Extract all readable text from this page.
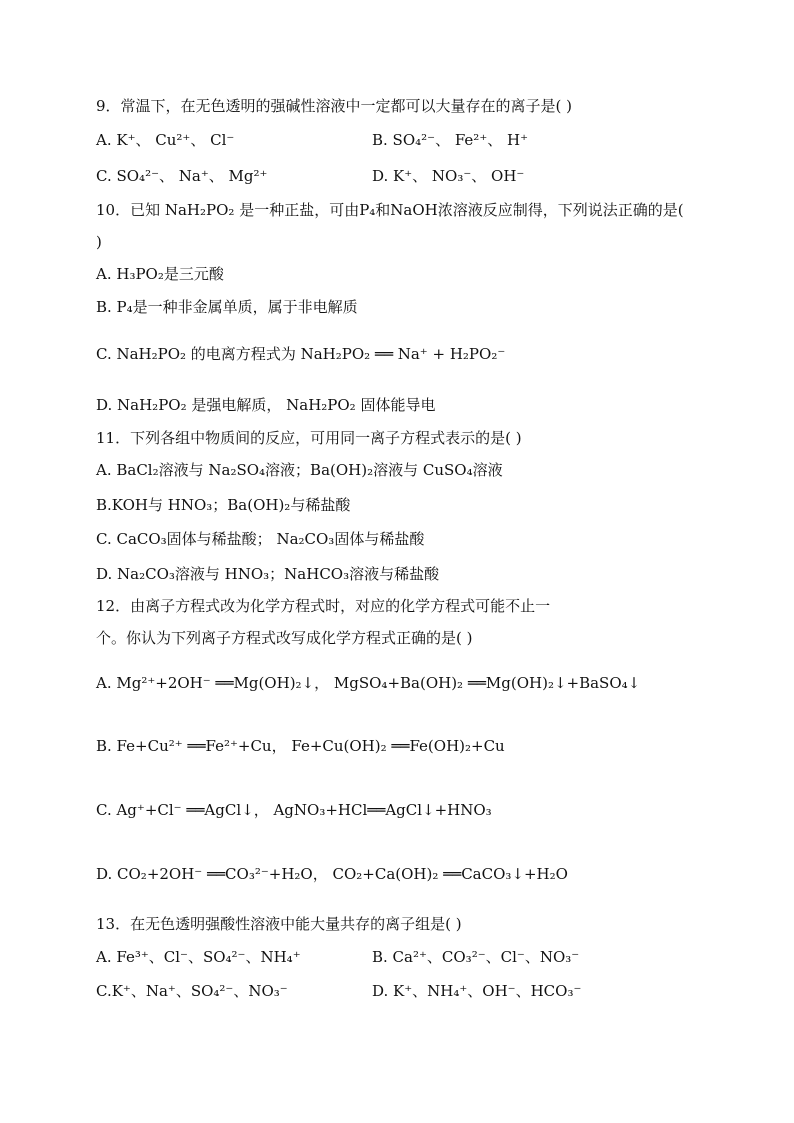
9．常温下，在无色透明的强碱性溶液中一定都可以大量存在的离子是( )
A. K⁺、 Cu²⁺、 Cl⁻	B. SO₄²⁻、 Fe²⁺、 H⁺
C. SO₄²⁻、 Na⁺、 Mg²⁺	D. K⁺、 NO₃⁻、 OH⁻
10．已知 NaH₂PO₂ 是一种正盐，可由P₄和NaOH浓溶液反应制得，下列说法正确的是(
)
A. H₃PO₂是三元酸
B. P₄是一种非金属单质，属于非电解质
C. NaH₂PO₂ 的电离方程式为 NaH₂PO₂ ══ Na⁺ + H₂PO₂⁻
D. NaH₂PO₂ 是强电解质， NaH₂PO₂ 固体能导电
11．下列各组中物质间的反应，可用同一离子方程式表示的是( )
A. BaCl₂溶液与 Na₂SO₄溶液；Ba(OH)₂溶液与 CuSO₄溶液
B.KOH与 HNO₃；Ba(OH)₂与稀盐酸
C. CaCO₃固体与稀盐酸； Na₂CO₃固体与稀盐酸
D. Na₂CO₃溶液与 HNO₃；NaHCO₃溶液与稀盐酸
12．由离子方程式改为化学方程式时，对应的化学方程式可能不止一
个。你认为下列离子方程式改写成化学方程式正确的是( )
A. Mg²⁺+2OH⁻ ══Mg(OH)₂↓， MgSO₄+Ba(OH)₂ ══Mg(OH)₂↓+BaSO₄↓
B. Fe+Cu²⁺ ══Fe²⁺+Cu， Fe+Cu(OH)₂ ══Fe(OH)₂+Cu
C. Ag⁺+Cl⁻ ══AgCl↓， AgNO₃+HCl══AgCl↓+HNO₃
D. CO₂+2OH⁻ ══CO₃²⁻+H₂O， CO₂+Ca(OH)₂ ══CaCO₃↓+H₂O
13．在无色透明强酸性溶液中能大量共存的离子组是( )
A. Fe³⁺、Cl⁻、SO₄²⁻、NH₄⁺	B. Ca²⁺、CO₃²⁻、Cl⁻、NO₃⁻
C.K⁺、Na⁺、SO₄²⁻、NO₃⁻	D. K⁺、NH₄⁺、OH⁻、HCO₃⁻
